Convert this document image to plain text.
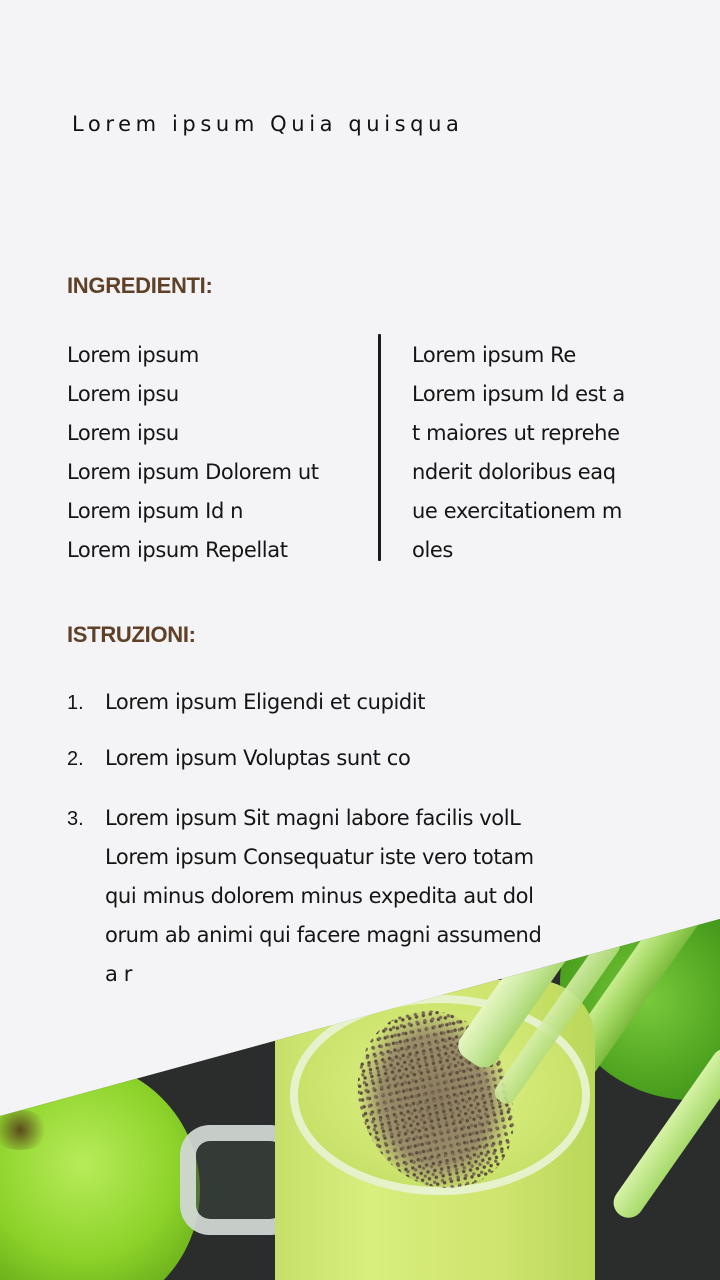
Lorem ipsum Quia quisqua
INGREDIENTI:
Lorem ipsum
Lorem ipsu
Lorem ipsu
Lorem ipsum Dolorem ut
Lorem ipsum Id n
Lorem ipsum Repellat
Lorem ipsum Re
Lorem ipsum Id est a
t maiores ut reprehe
nderit doloribus eaq
ue exercitationem m
oles
ISTRUZIONI:
1.	Lorem ipsum Eligendi et cupidit
2.	Lorem ipsum Voluptas sunt co
3.	Lorem ipsum Sit magni labore facilis volL
Lorem ipsum Consequatur iste vero totam
qui minus dolorem minus expedita aut dol
orum ab animi qui facere magni assumend
a r
